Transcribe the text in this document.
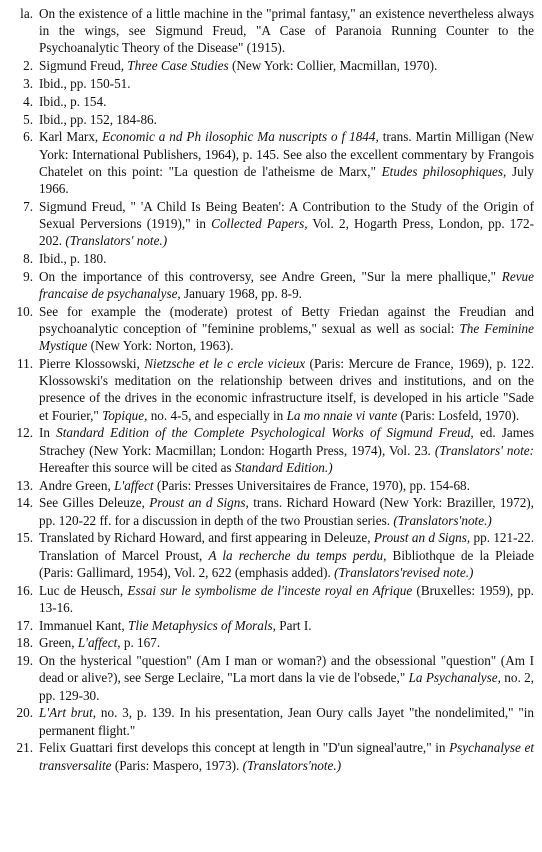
la. On the existence of a little machine in the "primal fantasy," an existence nevertheless always in the wings, see Sigmund Freud, "A Case of Paranoia Running Counter to the Psychoanalytic Theory of the Disease" (1915).
2. Sigmund Freud, Three Case Studies (New York: Collier, Macmillan, 1970).
3. Ibid., pp. 150-51.
4. Ibid., p. 154.
5. Ibid., pp. 152, 184-86.
6. Karl Marx, Economic a nd Ph ilosophic Ma nuscripts o f 1844, trans. Martin Milligan (New York: International Publishers, 1964), p. 145. See also the excellent commentary by Frangois Chatelet on this point: "La question de l'atheisme de Marx," Etudes philosophiques, July 1966.
7. Sigmund Freud, " 'A Child Is Being Beaten': A Contribution to the Study of the Origin of Sexual Perversions (1919)," in Collected Papers, Vol. 2, Hogarth Press, London, pp. 172-202. (Translators' note.)
8. Ibid., p. 180.
9. On the importance of this controversy, see Andre Green, "Sur la mere phallique," Revue francaise de psychanalyse, January 1968, pp. 8-9.
10. See for example the (moderate) protest of Betty Friedan against the Freudian and psychoanalytic conception of "feminine problems," sexual as well as social: The Feminine Mystique (New York: Norton, 1963).
11. Pierre Klossowski, Nietzsche et le c ercle vicieux (Paris: Mercure de France, 1969), p. 122. Klossowski's meditation on the relationship between drives and institutions, and on the presence of the drives in the economic infrastructure itself, is developed in his article "Sade et Fourier," Topique, no. 4-5, and especially in La mo nnaie vi vante (Paris: Losfeld, 1970).
12. In Standard Edition of the Complete Psychological Works of Sigmund Freud, ed. James Strachey (New York: Macmillan; London: Hogarth Press, 1974), Vol. 23. (Translators' note: Hereafter this source will be cited as Standard Edition.)
13. Andre Green, L'affect (Paris: Presses Universitaires de France, 1970), pp. 154-68.
14. See Gilles Deleuze, Proust an d Signs, trans. Richard Howard (New York: Braziller, 1972), pp. 120-22 ff. for a discussion in depth of the two Proustian series. (Translators'note.)
15. Translated by Richard Howard, and first appearing in Deleuze, Proust an d Signs, pp. 121-22. Translation of Marcel Proust, A la recherche du temps perdu, Bibliothque de la Pleiade (Paris: Gallimard, 1954), Vol. 2, 622 (emphasis added). (Translators'revised note.)
16. Luc de Heusch, Essai sur le symbolisme de l'inceste royal en Afrique (Bruxelles: 1959), pp. 13-16.
17. Immanuel Kant, Tlie Metaphysics of Morals, Part I.
18. Green, L'affect, p. 167.
19. On the hysterical "question" (Am I man or woman?) and the obsessional "question" (Am I dead or alive?), see Serge Leclaire, "La mort dans la vie de l'obsede," La Psychanalyse, no. 2, pp. 129-30.
20. L'Art brut, no. 3, p. 139. In his presentation, Jean Oury calls Jayet "the nondelimited," "in permanent flight."
21. Felix Guattari first develops this concept at length in "D'un signeal'autre," in Psychanalyse et transversalite (Paris: Maspero, 1973). (Translators'note.)
